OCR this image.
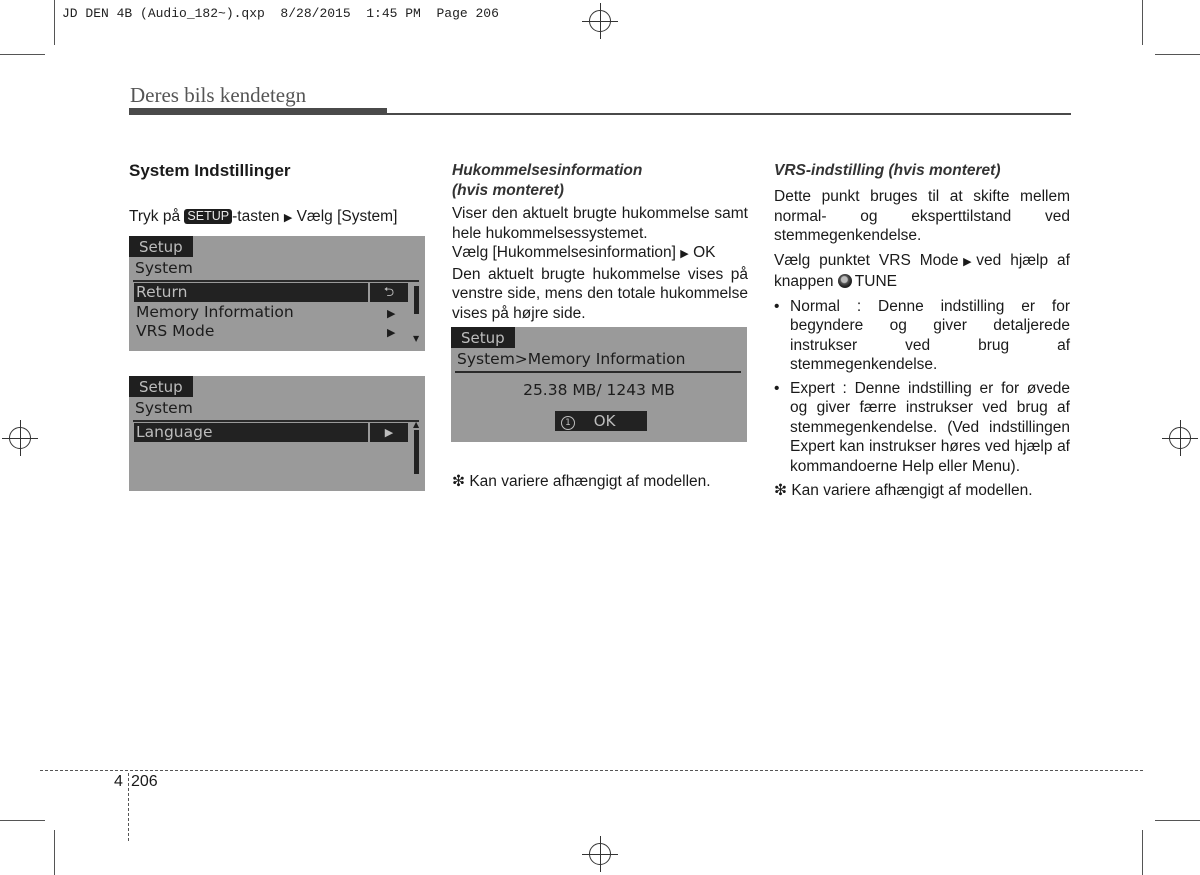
JD DEN 4B (Audio_182~).qxp  8/28/2015  1:45 PM  Page 206
Deres bils kendetegn
System Indstillinger
Tryk på SETUP -tasten ▶ Vælg [System]
Setup
System
Return	⮌
Memory Information	▶
VRS Mode	▶ ▼
Setup
System
Language	▶
▲
Hukommelsesinformation
(hvis monteret)

Viser den aktuelt brugte hukommelse samt hele hukommelsessystemet.

Vælg [Hukommelsesinformation] ▶ OK

Den aktuelt brugte hukommelse vises på venstre side, mens den totale hukommelse vises på højre side.

Setup
System>Memory Information
25.38 MB/ 1243 MB
1 OK
❇ Kan variere afhængigt af modellen.
VRS-indstilling (hvis monteret)

Dette punkt bruges til at skifte mellem normal- og eksperttilstand ved stemmegenkendelse.

Vælg punktet VRS Mode▶ved hjælp af knappen TUNE

• Normal : Denne indstilling er for begyndere og giver detaljerede instrukser ved brug af stemmegenkendelse.
• Expert : Denne indstilling er for øvede og giver færre instrukser ved brug af stemmegenkendelse. (Ved indstillingen Expert kan instrukser høres ved hjælp af kommandoerne Help eller Menu).

❇ Kan variere afhængigt af modellen.

4 206
